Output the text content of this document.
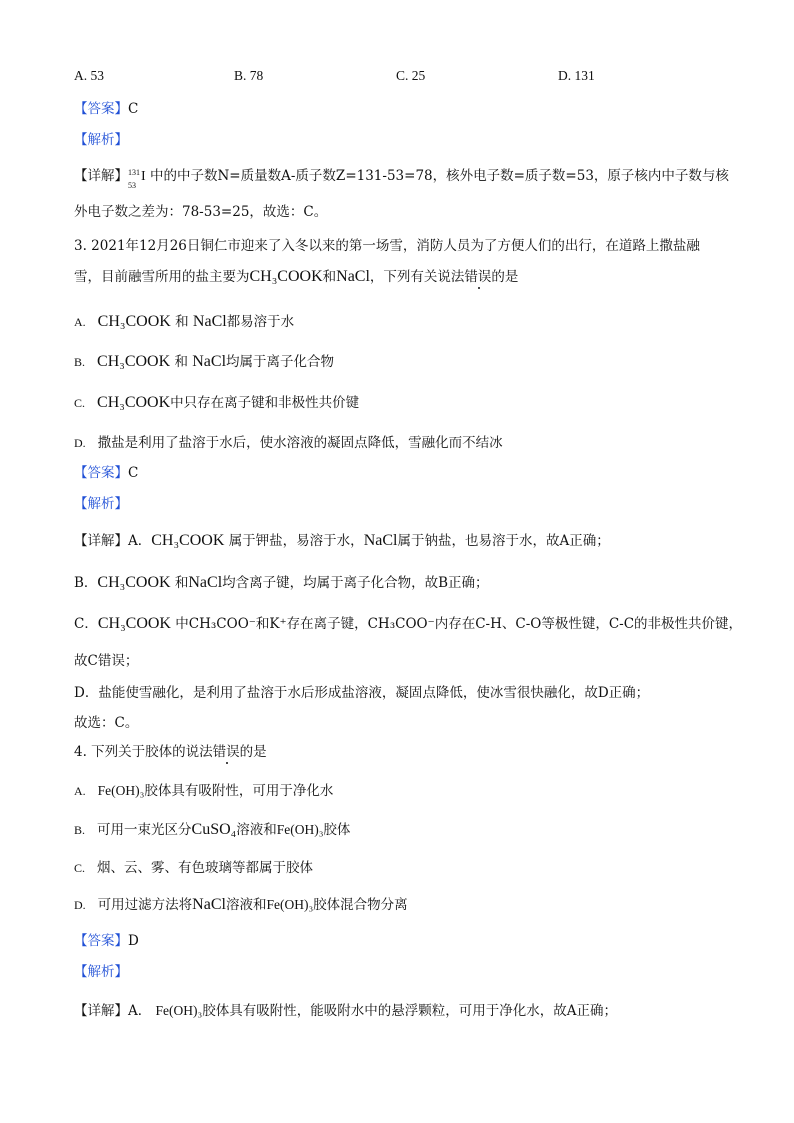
A. 53	B. 78	C. 25	D. 131
【答案】C
【解析】
【详解】 131
53
I 中的中子数N=质量数A-质子数Z=131-53=78，核外电子数=质子数=53，原子核内中子数与核
外电子数之差为：78-53=25，故选：C。
3. 2021年12月26日铜仁市迎来了入冬以来的第一场雪，消防人员为了方便人们的出行，在道路上撒盐融
雪，目前融雪所用的盐主要为CH₃COOK和NaCl，下列有关说法错误的是
A. CH₃COOK 和 NaCl都易溶于水
B. CH₃COOK 和 NaCl均属于离子化合物
C. CH₃COOK中只存在离子键和非极性共价键
D. 撒盐是利用了盐溶于水后，使水溶液的凝固点降低，雪融化而不结冰
【答案】C
【解析】
【详解】A．CH₃COOK 属于钾盐，易溶于水，NaCl属于钠盐，也易溶于水，故A正确；
B．CH₃COOK 和NaCl均含离子键，均属于离子化合物，故B正确；
C．CH₃COOK 中CH₃COO⁻和K⁺存在离子键，CH₃COO⁻内存在C-H、C-O等极性键，C-C的非极性共价键，
故C错误；
D．盐能使雪融化，是利用了盐溶于水后形成盐溶液，凝固点降低，使冰雪很快融化，故D正确；
故选：C。
4. 下列关于胶体的说法错误的是
A. Fe(OH)₃胶体具有吸附性，可用于净化水
B. 可用一束光区分CuSO₄溶液和Fe(OH)₃胶体
C. 烟、云、雾、有色玻璃等都属于胶体
D. 可用过滤方法将NaCl溶液和Fe(OH)₃胶体混合物分离
【答案】D
【解析】
【详解】A． Fe(OH)₃胶体具有吸附性，能吸附水中的悬浮颗粒，可用于净化水，故A正确；
